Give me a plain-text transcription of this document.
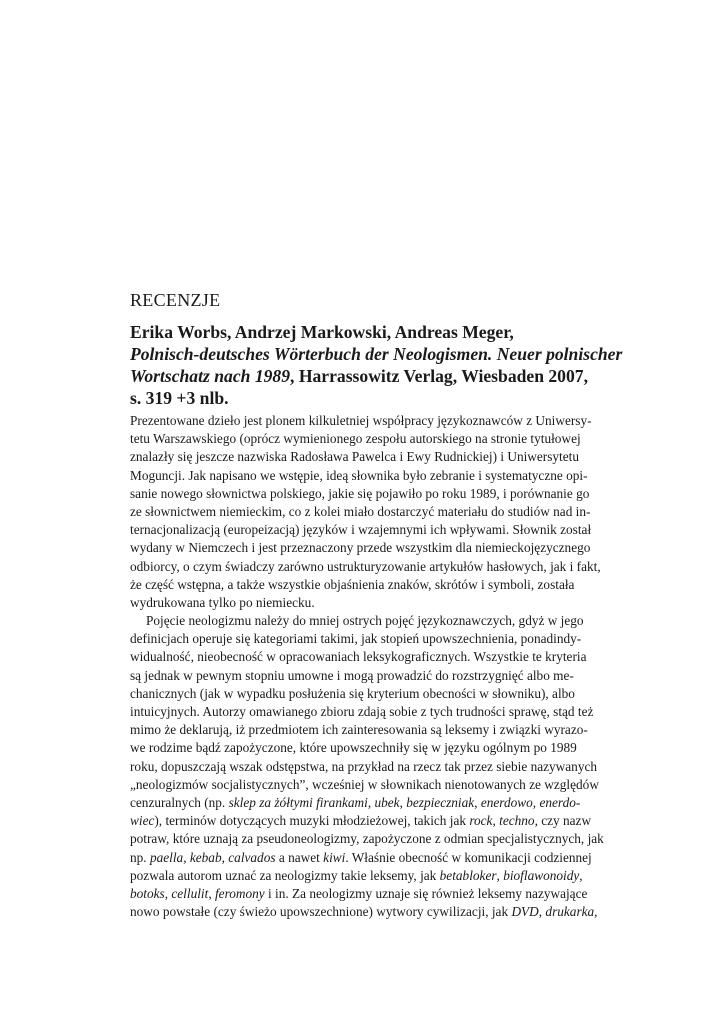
RECENZJE
Erika Worbs, Andrzej Markowski, Andreas Meger,
Polnisch-deutsches Wörterbuch der Neologismen. Neuer polnischer
Wortschatz nach 1989, Harrassowitz Verlag, Wiesbaden 2007,
s. 319 +3 nlb.
Prezentowane dzieło jest plonem kilkuletniej współpracy językoznawców z Uniwersy-
tetu Warszawskiego (oprócz wymienionego zespołu autorskiego na stronie tytułowej
znalazły się jeszcze nazwiska Radosława Pawelca i Ewy Rudnickiej) i Uniwersytetu
Moguncji. Jak napisano we wstępie, ideą słownika było zebranie i systematyczne opi-
sanie nowego słownictwa polskiego, jakie się pojawiło po roku 1989, i porównanie go
ze słownictwem niemieckim, co z kolei miało dostarczyć materiału do studiów nad in-
ternacjonalizacją (europeizacją) języków i wzajemnymi ich wpływami. Słownik został
wydany w Niemczech i jest przeznaczony przede wszystkim dla niemieckojęzycznego
odbiorcy, o czym świadczy zarówno ustrukturyzowanie artykułów hasłowych, jak i fakt,
że część wstępna, a także wszystkie objaśnienia znaków, skrótów i symboli, została
wydrukowana tylko po niemiecku.
Pojęcie neologizmu należy do mniej ostrych pojęć językoznawczych, gdyż w jego
definicjach operuje się kategoriami takimi, jak stopień upowszechnienia, ponadindy-
widualność, nieobecność w opracowaniach leksykograficznych. Wszystkie te kryteria
są jednak w pewnym stopniu umowne i mogą prowadzić do rozstrzygnięć albo me-
chanicznych (jak w wypadku posłużenia się kryterium obecności w słowniku), albo
intuicyjnych. Autorzy omawianego zbioru zdają sobie z tych trudności sprawę, stąd też
mimo że deklarują, iż przedmiotem ich zainteresowania są leksemy i związki wyrazo-
we rodzime bądź zapożyczone, które upowszechniły się w języku ogólnym po 1989
roku, dopuszczają wszak odstępstwa, na przykład na rzecz tak przez siebie nazywanych
„neologizmów socjalistycznych”, wcześniej w słownikach nienotowanych ze względów
cenzuralnych (np. sklep za żółtymi firankami, ubek, bezpieczniak, enerdowo, enerdo-
wiec), terminów dotyczących muzyki młodzieżowej, takich jak rock, techno, czy nazw
potraw, które uznają za pseudoneologizmy, zapożyczone z odmian specjalistycznych, jak
np. paella, kebab, calvados a nawet kiwi. Właśnie obecność w komunikacji codziennej
pozwala autorom uznać za neologizmy takie leksemy, jak betabloker, bioflawonoidy,
botoks, cellulit, feromony i in. Za neologizmy uznaje się również leksemy nazywające
nowo powstałe (czy świeżo upowszechnione) wytwory cywilizacji, jak DVD, drukarka,
